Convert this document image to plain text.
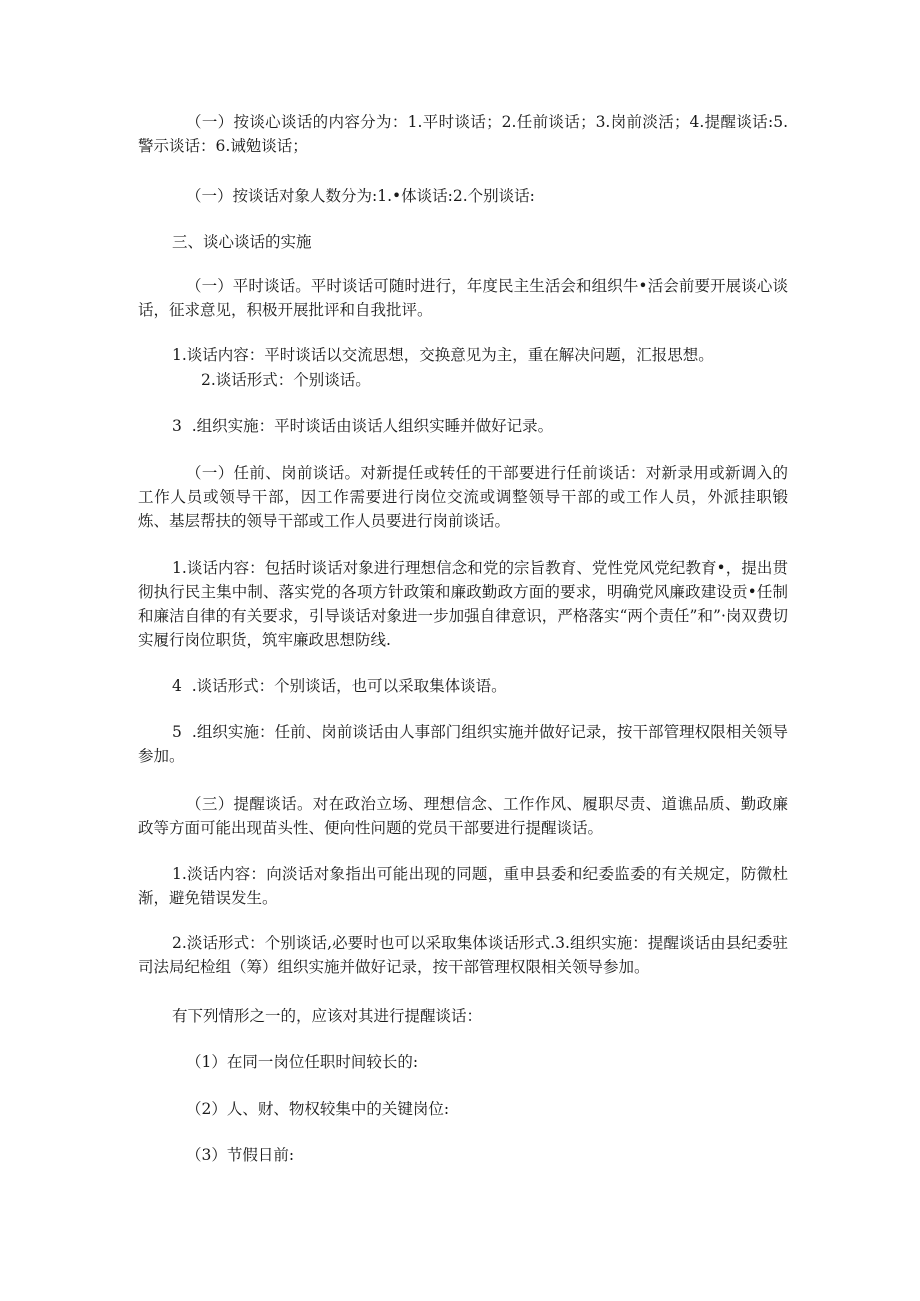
（一）按谈心谈话的内容分为：1.平时谈话；2.任前谈话；3.岗前淡活；4.提醒谈话:5.警示谈话：6.诫勉谈话；

（一）按谈话对象人数分为:1.•体谈话:2.个别谈话:

三、谈心谈话的实施

（一）平时谈话。平时谈话可随时进行，年度民主生活会和组织牛•活会前要开展谈心谈话，征求意见，积极开展批评和自我批评。

1.谈话内容：平时谈话以交流思想，交换意见为主，重在解决问题，汇报思想。

2.谈话形式：个别谈话。

3  .组织实施：平时谈话由谈话人组织实睡并做好记录。

（一）任前、岗前谈话。对新提任或转任的干部要进行任前谈话：对新录用或新调入的工作人员或领导干部，因工作需要进行岗位交流或调整领导干部的或工作人员，外派挂职锻炼、基层帮扶的领导干部或工作人员要进行岗前谈话。

1.谈话内容：包括时谈话对象进行理想信念和党的宗旨教育、党性党风党纪教育•，提出贯彻执行民主集中制、落实党的各项方针政策和廉政勤政方面的要求，明确党风廉政建设贡•任制和廉洁自律的有关要求，引导谈话对象进一步加强自律意识，严格落实“两个责任”和”·岗双费切实履行岗位职货，筑牢廉政思想防线.

4  .谈话形式：个别谈话，也可以采取集体谈语。

5  .组织实施：任前、岗前谈话由人事部门组织实施并做好记录，按干部管理权限相关领导参加。

（三）提醒谈话。对在政治立场、理想信念、工作作风、履职尽责、道谯品质、勤政廉政等方面可能出现苗头性、便向性问题的党员干部要进行提醒谈话。

1.淡话内容：向淡话对象指出可能出现的同题，重申县委和纪委监委的有关规定，防微杜渐，避免错误发生。

2.淡话形式：个别谈话,必要时也可以采取集体谈话形式.3.组织实施：提醒谈话由县纪委驻司法局纪检组（筹）组织实施并做好记录，按干部管理权限相关领导参加。

有下列情形之一的，应该对其进行提醒谈话：

（1）在同一岗位任职时间较长的:

（2）人、财、物权较集中的关键岗位:

（3）节假日前:
